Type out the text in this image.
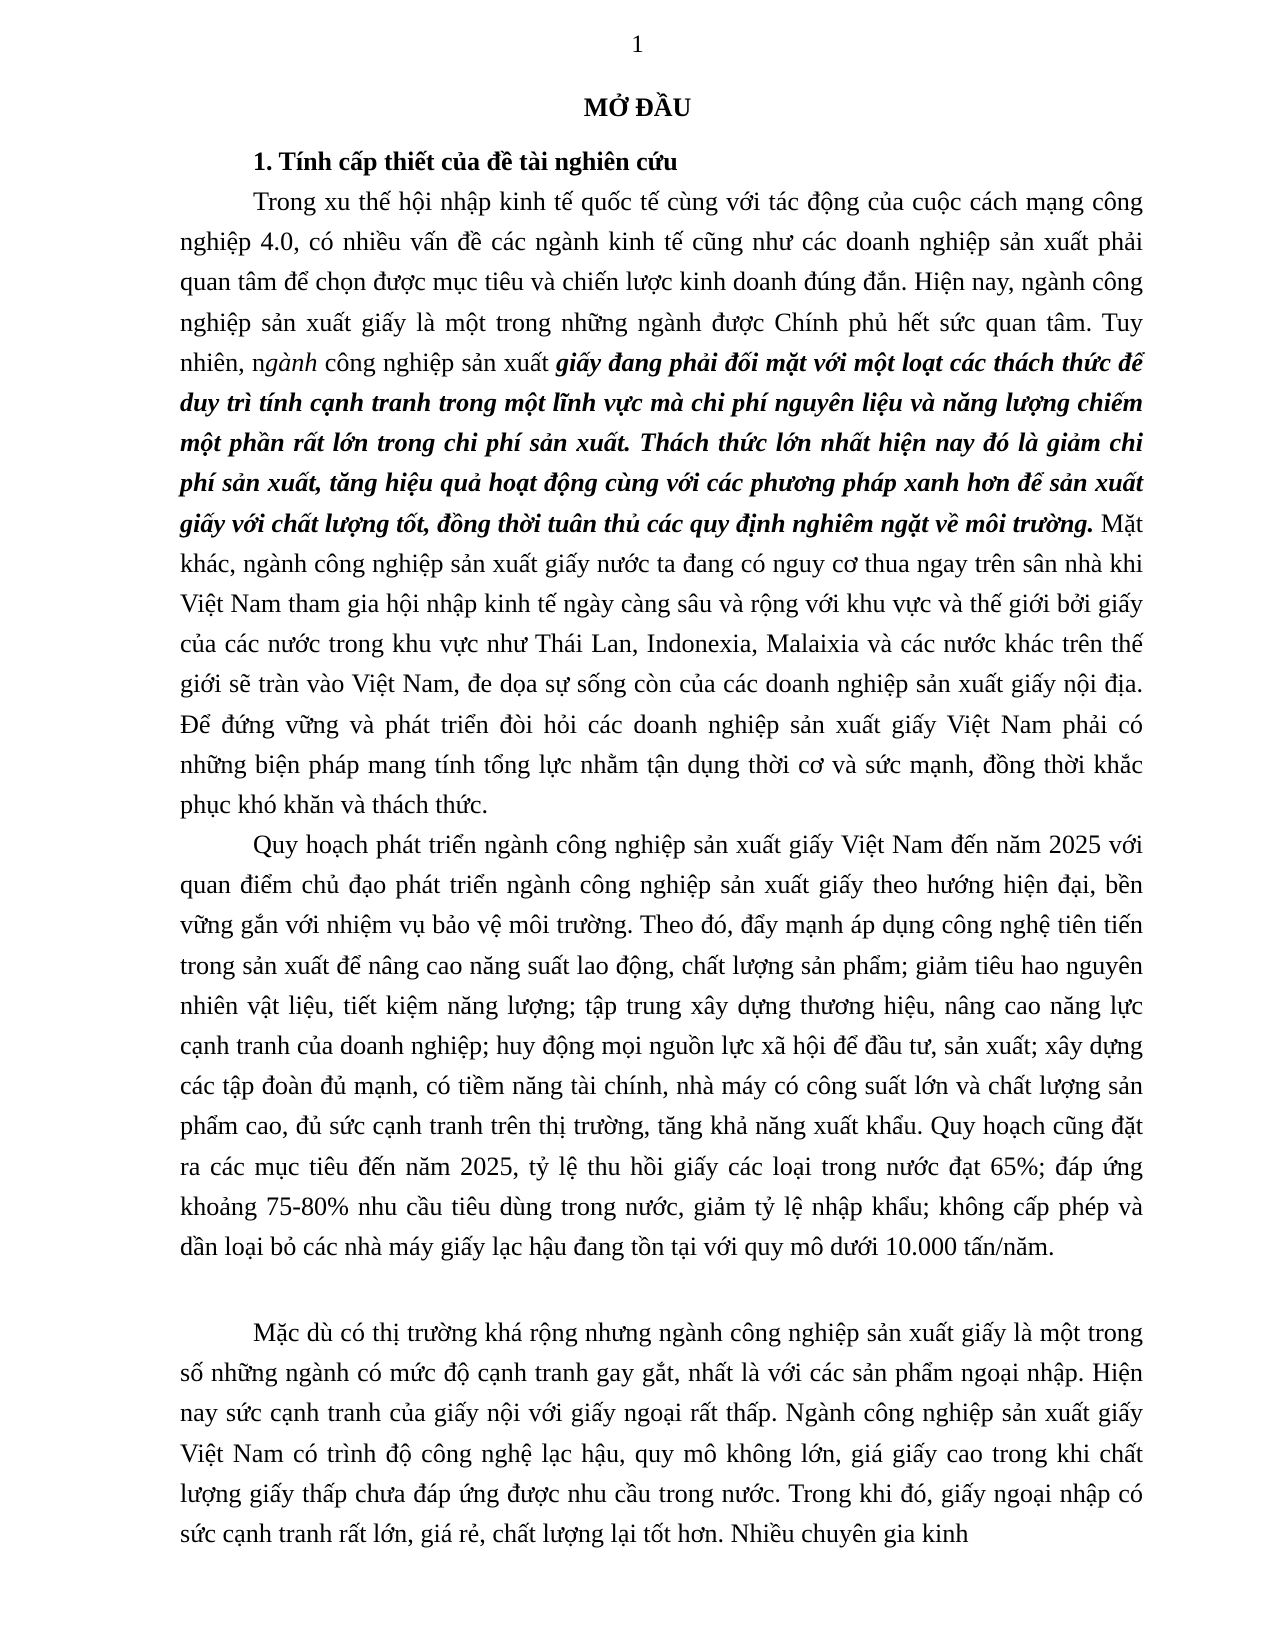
1
MỞ ĐẦU
1. Tính cấp thiết của đề tài nghiên cứu

Trong xu thế hội nhập kinh tế quốc tế cùng với tác động của cuộc cách mạng công nghiệp 4.0, có nhiều vấn đề các ngành kinh tế cũng như các doanh nghiệp sản xuất phải quan tâm để chọn được mục tiêu và chiến lược kinh doanh đúng đắn. Hiện nay, ngành công nghiệp sản xuất giấy là một trong những ngành được Chính phủ hết sức quan tâm. Tuy nhiên, ngành công nghiệp sản xuất giấy đang phải đối mặt với một loạt các thách thức để duy trì tính cạnh tranh trong một lĩnh vực mà chi phí nguyên liệu và năng lượng chiếm một phần rất lớn trong chi phí sản xuất. Thách thức lớn nhất hiện nay đó là giảm chi phí sản xuất, tăng hiệu quả hoạt động cùng với các phương pháp xanh hơn để sản xuất giấy với chất lượng tốt, đồng thời tuân thủ các quy định nghiêm ngặt về môi trường. Mặt khác, ngành công nghiệp sản xuất giấy nước ta đang có nguy cơ thua ngay trên sân nhà khi Việt Nam tham gia hội nhập kinh tế ngày càng sâu và rộng với khu vực và thế giới bởi giấy của các nước trong khu vực như Thái Lan, Indonexia, Malaixia và các nước khác trên thế giới sẽ tràn vào Việt Nam, đe dọa sự sống còn của các doanh nghiệp sản xuất giấy nội địa. Để đứng vững và phát triển đòi hỏi các doanh nghiệp sản xuất giấy Việt Nam phải có những biện pháp mang tính tổng lực nhằm tận dụng thời cơ và sức mạnh, đồng thời khắc phục khó khăn và thách thức.

Quy hoạch phát triển ngành công nghiệp sản xuất giấy Việt Nam đến năm 2025 với quan điểm chủ đạo phát triển ngành công nghiệp sản xuất giấy theo hướng hiện đại, bền vững gắn với nhiệm vụ bảo vệ môi trường. Theo đó, đẩy mạnh áp dụng công nghệ tiên tiến trong sản xuất để nâng cao năng suất lao động, chất lượng sản phẩm; giảm tiêu hao nguyên nhiên vật liệu, tiết kiệm năng lượng; tập trung xây dựng thương hiệu, nâng cao năng lực cạnh tranh của doanh nghiệp; huy động mọi nguồn lực xã hội để đầu tư, sản xuất; xây dựng các tập đoàn đủ mạnh, có tiềm năng tài chính, nhà máy có công suất lớn và chất lượng sản phẩm cao, đủ sức cạnh tranh trên thị trường, tăng khả năng xuất khẩu. Quy hoạch cũng đặt ra các mục tiêu đến năm 2025, tỷ lệ thu hồi giấy các loại trong nước đạt 65%; đáp ứng khoảng 75-80% nhu cầu tiêu dùng trong nước, giảm tỷ lệ nhập khẩu; không cấp phép và dần loại bỏ các nhà máy giấy lạc hậu đang tồn tại với quy mô dưới 10.000 tấn/năm.

Mặc dù có thị trường khá rộng nhưng ngành công nghiệp sản xuất giấy là một trong số những ngành có mức độ cạnh tranh gay gắt, nhất là với các sản phẩm ngoại nhập. Hiện nay sức cạnh tranh của giấy nội với giấy ngoại rất thấp. Ngành công nghiệp sản xuất giấy Việt Nam có trình độ công nghệ lạc hậu, quy mô không lớn, giá giấy cao trong khi chất lượng giấy thấp chưa đáp ứng được nhu cầu trong nước. Trong khi đó, giấy ngoại nhập có sức cạnh tranh rất lớn, giá rẻ, chất lượng lại tốt hơn. Nhiều chuyên gia kinh
